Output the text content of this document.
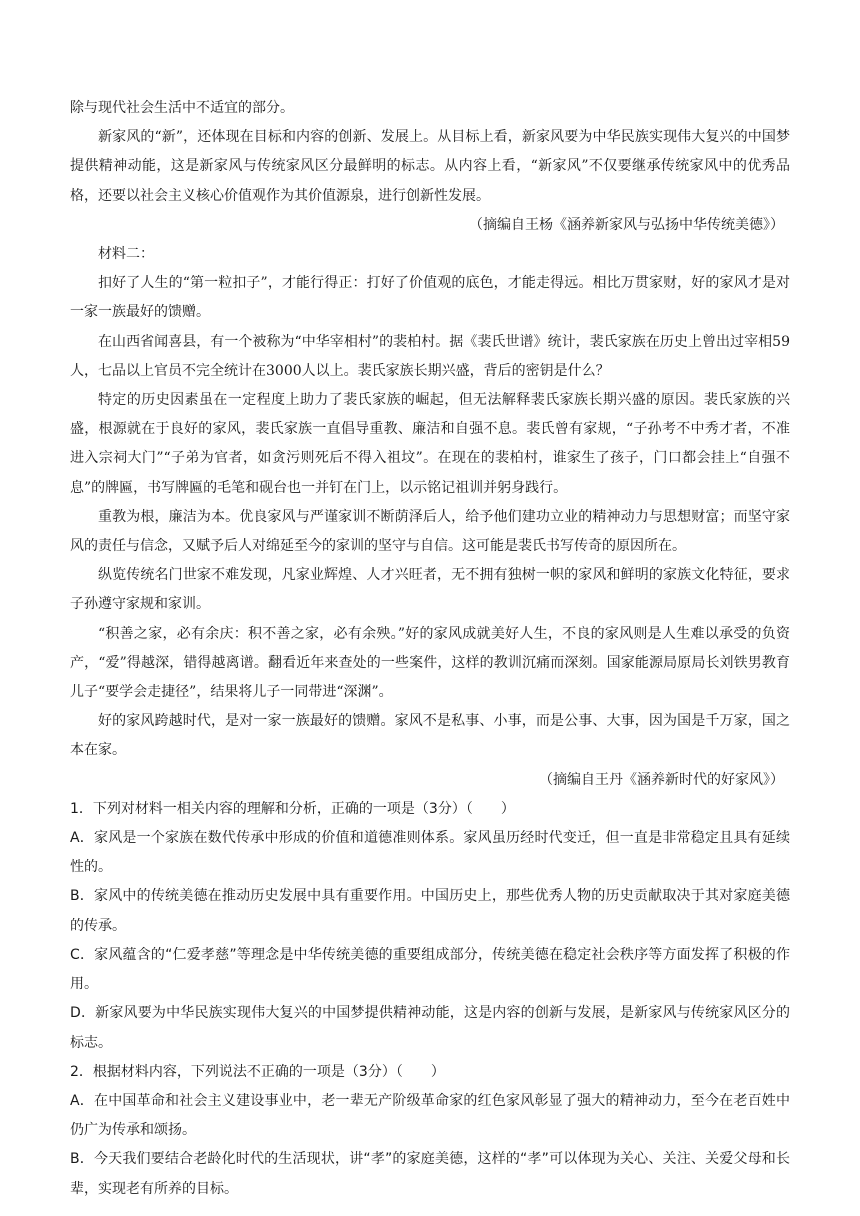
除与现代社会生活中不适宜的部分。

新家风的“新”，还体现在目标和内容的创新、发展上。从目标上看，新家风要为中华民族实现伟大复兴的中国梦提供精神动能，这是新家风与传统家风区分最鲜明的标志。从内容上看，“新家风”不仅要继承传统家风中的优秀品格，还要以社会主义核心价值观作为其价值源泉，进行创新性发展。

（摘编自王杨《涵养新家风与弘扬中华传统美德》）

材料二：

扣好了人生的“第一粒扣子”，才能行得正：打好了价值观的底色，才能走得远。相比万贯家财，好的家风才是对一家一族最好的馈赠。

在山西省闻喜县，有一个被称为“中华宰相村”的裴柏村。据《裴氏世谱》统计，裴氏家族在历史上曾出过宰相59人，七品以上官员不完全统计在3000人以上。裴氏家族长期兴盛，背后的密钥是什么？

特定的历史因素虽在一定程度上助力了裴氏家族的崛起，但无法解释裴氏家族长期兴盛的原因。裴氏家族的兴盛，根源就在于良好的家风，裴氏家族一直倡导重教、廉洁和自强不息。裴氏曾有家规，“子孙考不中秀才者，不准进入宗祠大门”“子弟为官者，如贪污则死后不得入祖坟”。在现在的裴柏村，谁家生了孩子，门口都会挂上“自强不息”的牌匾，书写牌匾的毛笔和砚台也一并钉在门上，以示铭记祖训并躬身践行。

重教为根，廉洁为本。优良家风与严谨家训不断荫泽后人，给予他们建功立业的精神动力与思想财富；而坚守家风的责任与信念，又赋予后人对绵延至今的家训的坚守与自信。这可能是裴氏书写传奇的原因所在。

纵览传统名门世家不难发现，凡家业辉煌、人才兴旺者，无不拥有独树一帜的家风和鲜明的家族文化特征，要求子孙遵守家规和家训。

“积善之家，必有余庆：积不善之家，必有余殃。”好的家风成就美好人生，不良的家风则是人生难以承受的负资产，“爱”得越深，错得越离谱。翻看近年来查处的一些案件，这样的教训沉痛而深刻。国家能源局原局长刘铁男教育儿子“要学会走捷径”，结果将儿子一同带进“深渊”。

好的家风跨越时代，是对一家一族最好的馈赠。家风不是私事、小事，而是公事、大事，因为国是千万家，国之本在家。

（摘编自王丹《涵养新时代的好家风》）

1．下列对材料一相关内容的理解和分析，正确的一项是（3分）（　　）

A．家风是一个家族在数代传承中形成的价值和道德准则体系。家风虽历经时代变迁，但一直是非常稳定且具有延续性的。

B．家风中的传统美德在推动历史发展中具有重要作用。中国历史上，那些优秀人物的历史贡献取决于其对家庭美德的传承。

C．家风蕴含的“仁爱孝慈”等理念是中华传统美德的重要组成部分，传统美德在稳定社会秩序等方面发挥了积极的作用。

D．新家风要为中华民族实现伟大复兴的中国梦提供精神动能，这是内容的创新与发展，是新家风与传统家风区分的标志。

2．根据材料内容，下列说法不正确的一项是（3分）（　　）

A．在中国革命和社会主义建设事业中，老一辈无产阶级革命家的红色家风彰显了强大的精神动力，至今在老百姓中仍广为传承和颂扬。

B．今天我们要结合老龄化时代的生活现状，讲“孝”的家庭美德，这样的“孝”可以体现为关心、关注、关爱父母和长辈，实现老有所养的目标。
